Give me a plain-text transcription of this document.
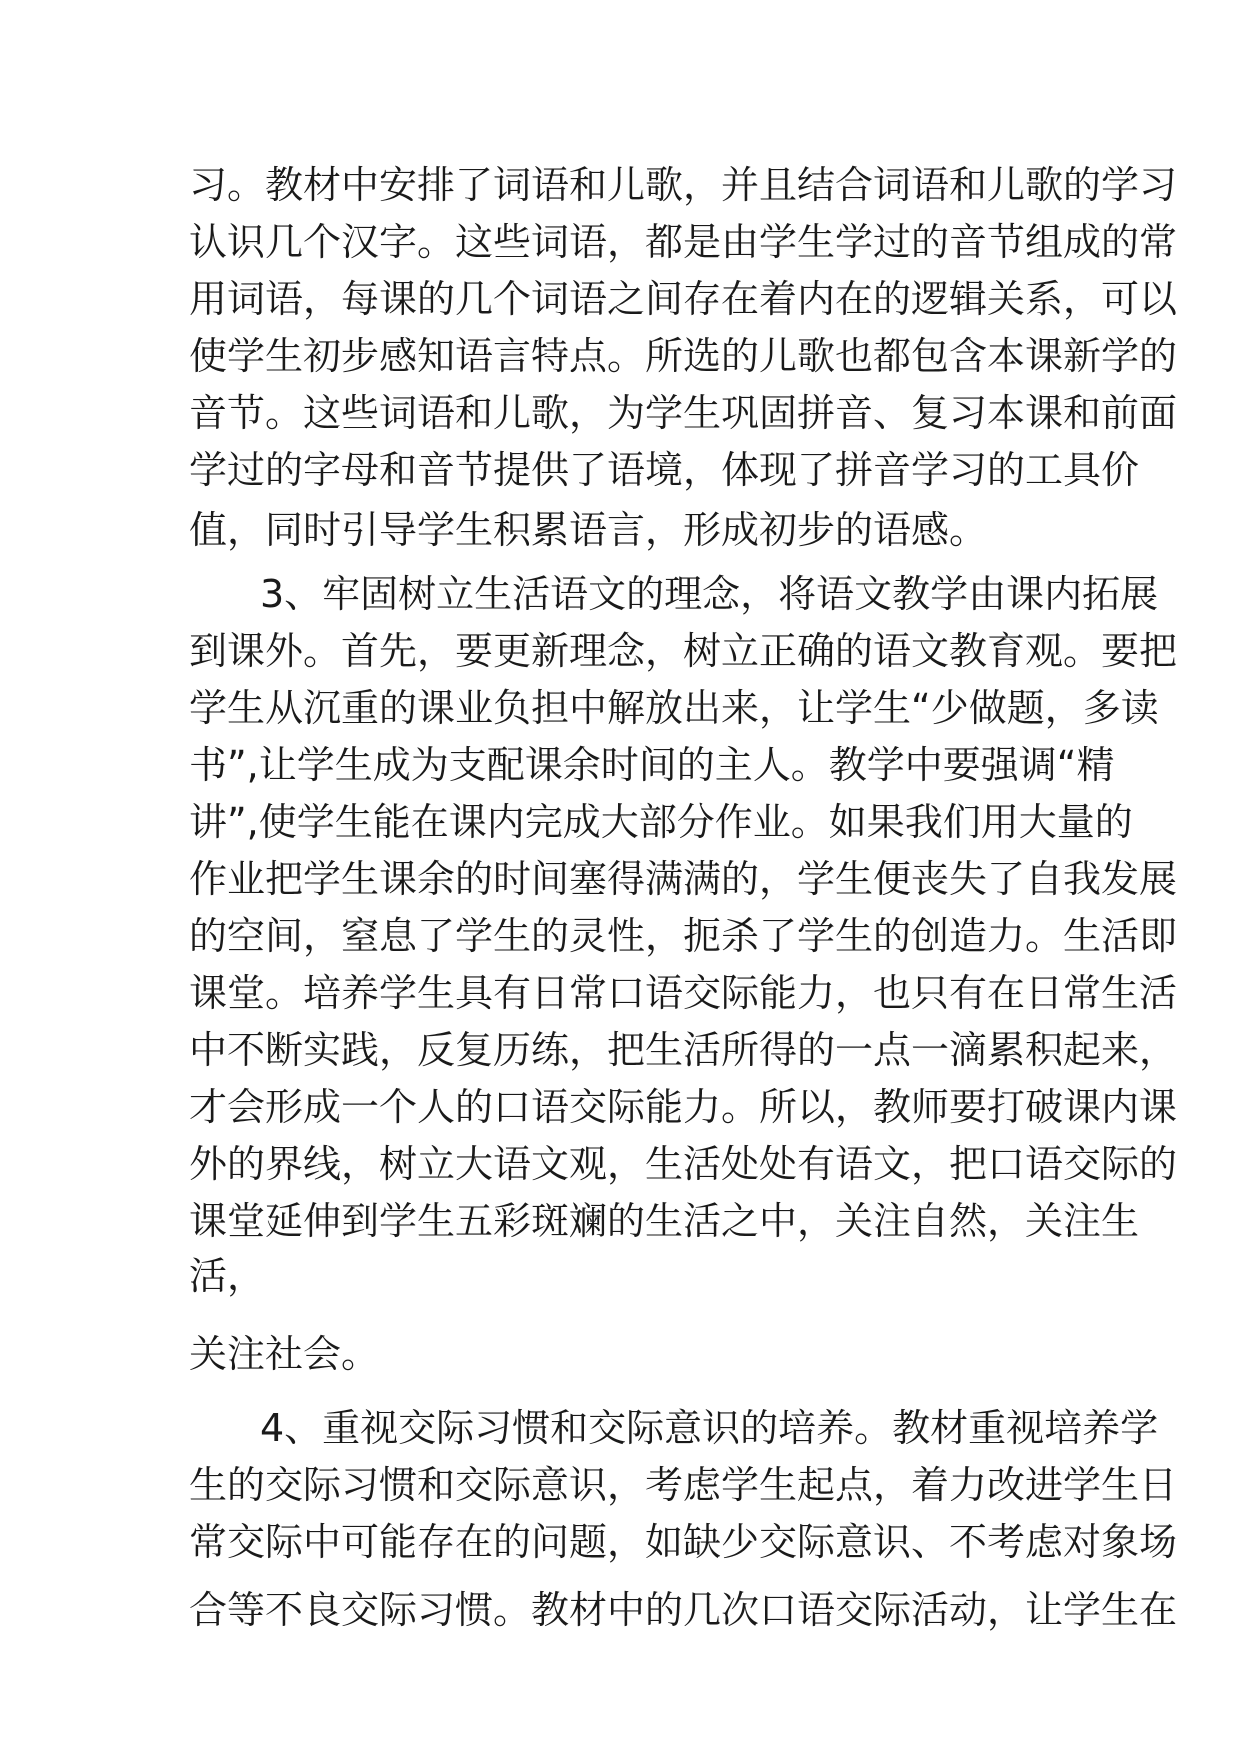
习。教材中安排了词语和儿歌，并且结合词语和儿歌的学习

认识几个汉字。这些词语，都是由学生学过的音节组成的常

用词语，每课的几个词语之间存在着内在的逻辑关系，可以

使学生初步感知语言特点。所选的儿歌也都包含本课新学的

音节。这些词语和儿歌，为学生巩固拼音、复习本课和前面

学过的字母和音节提供了语境，体现了拼音学习的工具价

值，同时引导学生积累语言，形成初步的语感。

3、牢固树立生活语文的理念，将语文教学由课内拓展

到课外。首先，要更新理念，树立正确的语文教育观。要把

学生从沉重的课业负担中解放出来，让学生“少做题，多读

书”,让学生成为支配课余时间的主人。教学中要强调“精

讲”,使学生能在课内完成大部分作业。如果我们用大量的

作业把学生课余的时间塞得满满的，学生便丧失了自我发展

的空间，窒息了学生的灵性，扼杀了学生的创造力。生活即

课堂。培养学生具有日常口语交际能力，也只有在日常生活

中不断实践，反复历练，把生活所得的一点一滴累积起来，

才会形成一个人的口语交际能力。所以，教师要打破课内课

外的界线，树立大语文观，生活处处有语文，把口语交际的

课堂延伸到学生五彩斑斓的生活之中，关注自然，关注生

活，

关注社会。

4、重视交际习惯和交际意识的培养。教材重视培养学

生的交际习惯和交际意识，考虑学生起点，着力改进学生日

常交际中可能存在的问题，如缺少交际意识、不考虑对象场

合等不良交际习惯。教材中的几次口语交际活动，让学生在
